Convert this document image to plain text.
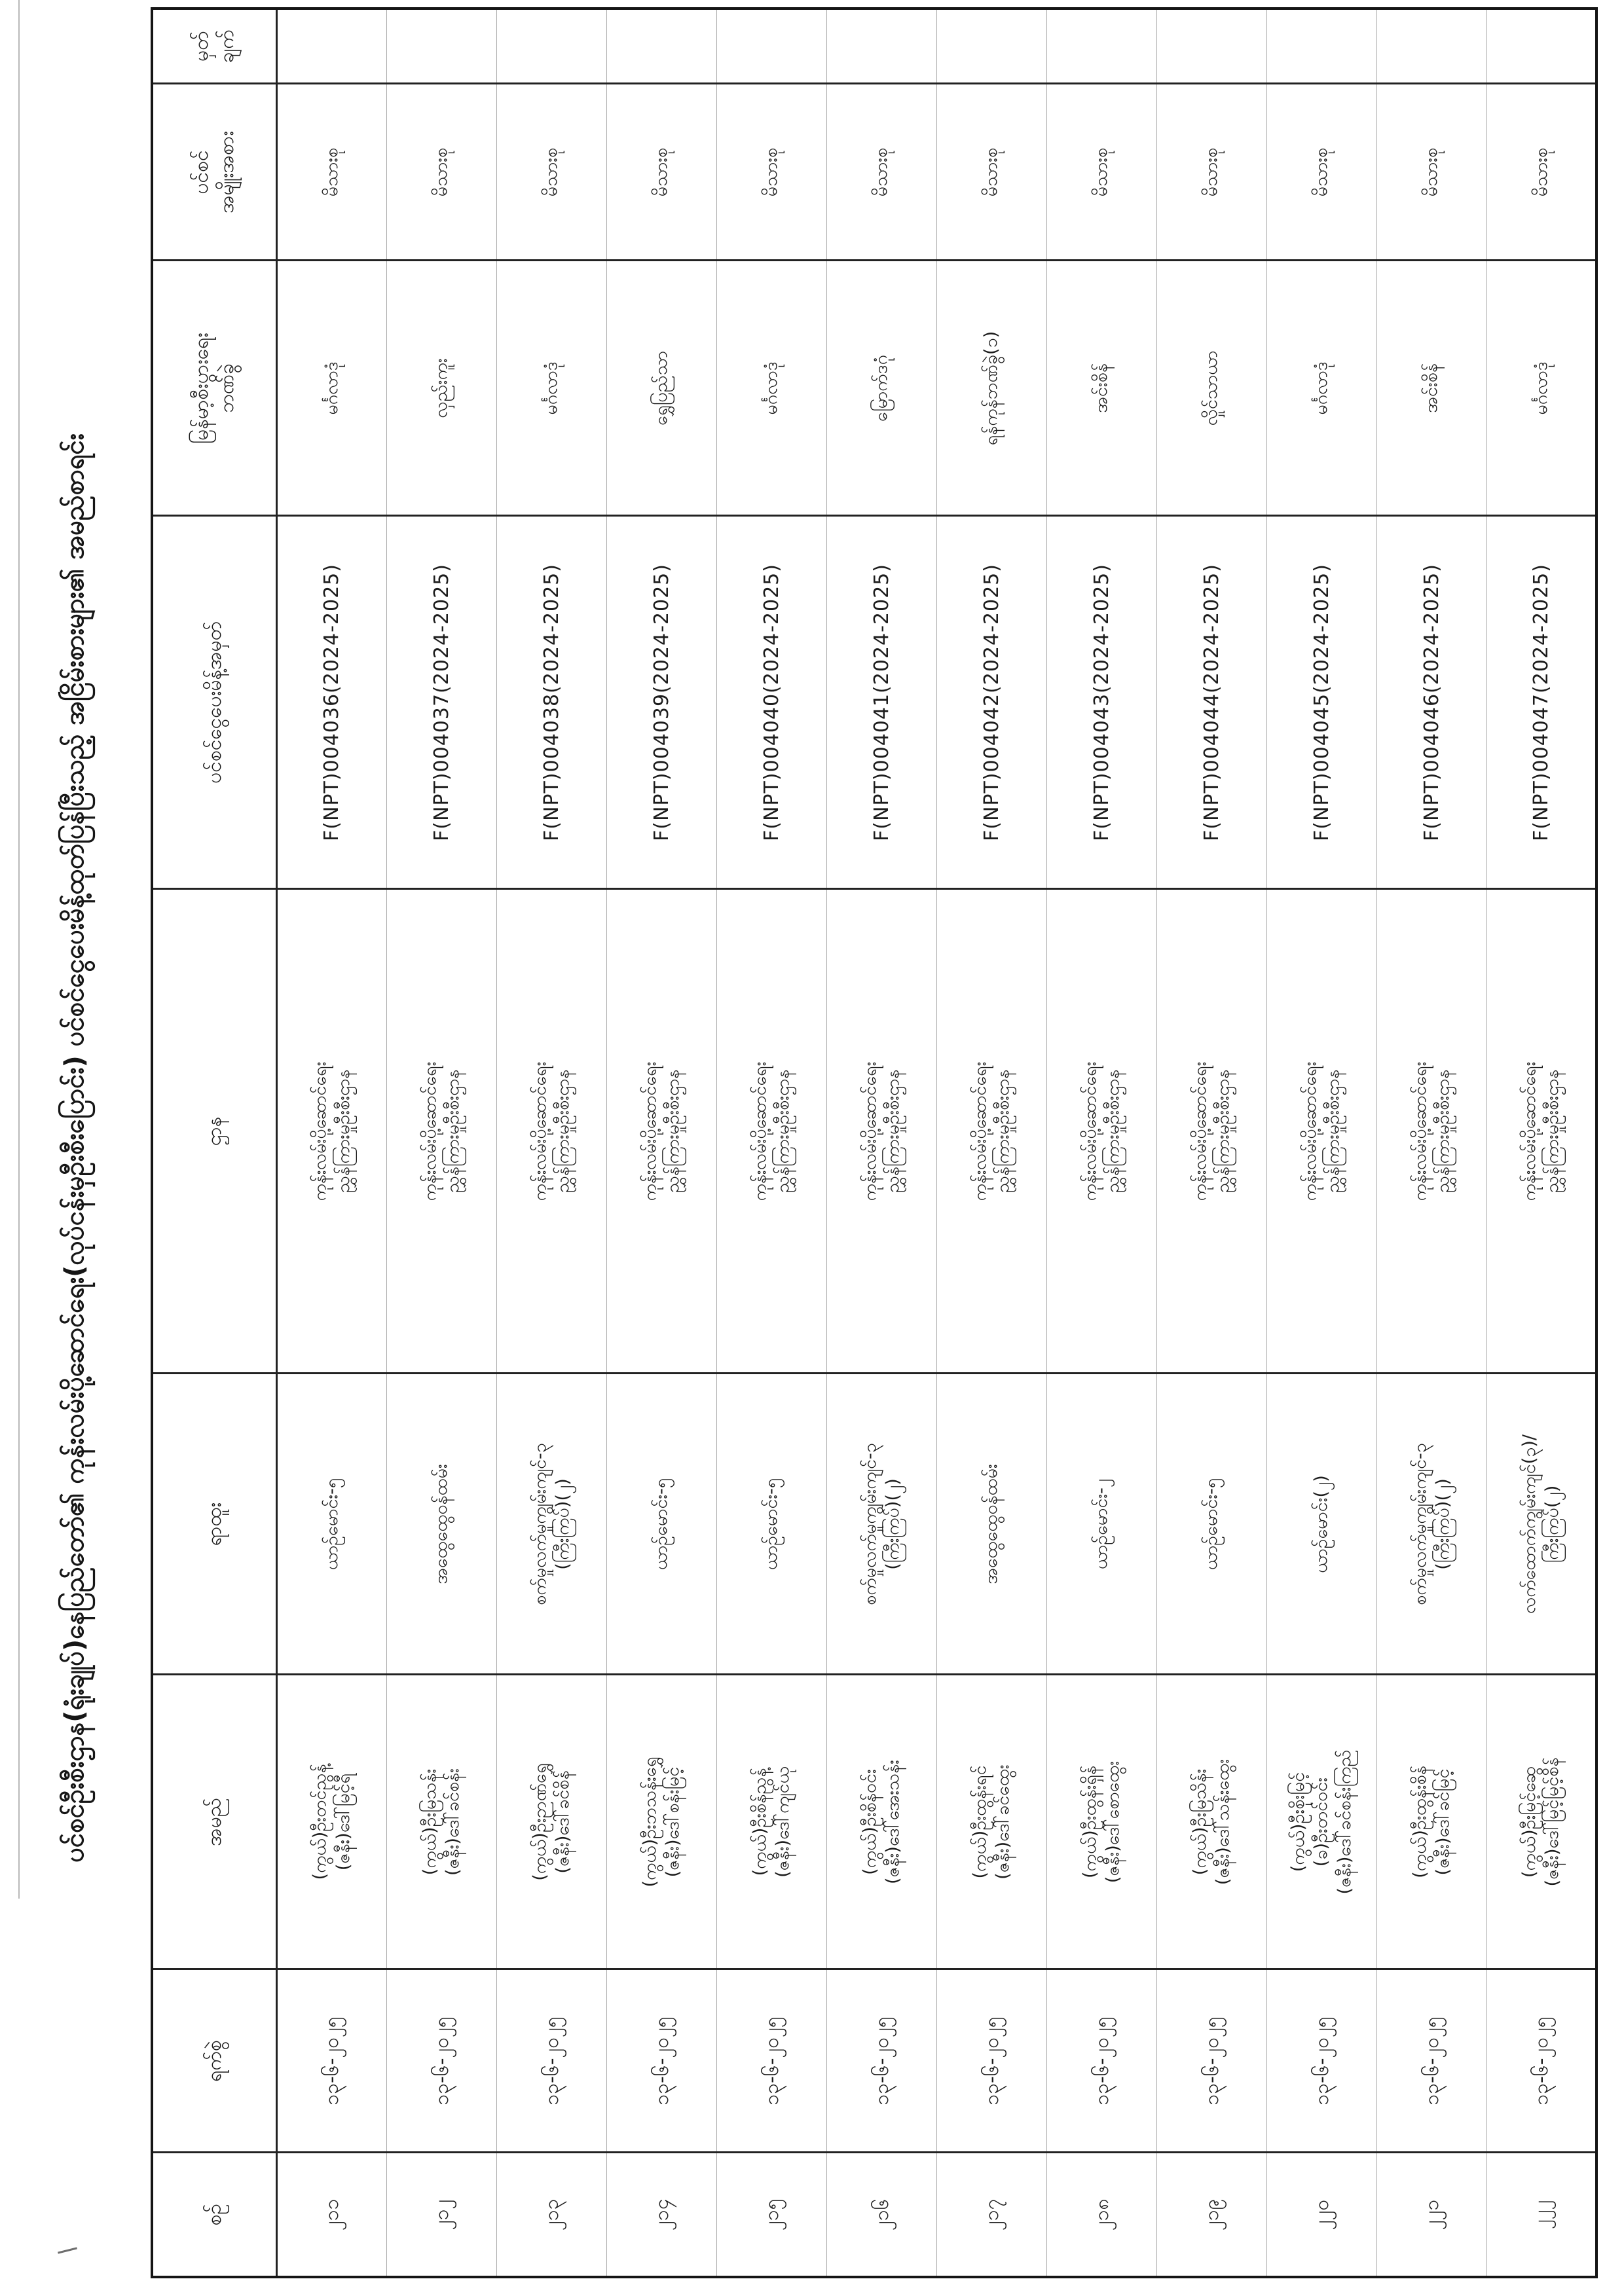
ပင်စင်ဦးစီးဌာန(ရုံးချုပ်)နေပြည်တော်၏ ကုန်းလမ်းပို့ဆောင်ရေး(လုပ်ငန်းမှဦးစီးပြောင်း) ပင်စင်ငွေပေးမိန့်ထုတ်ပြန်ပြီးသည့် အငြိမ်းစားများ၏ အမည်စာရင်း
စဉ်	ရက်စွဲ	အမည်	ရာထူး	ဌာန	ပင်စင်ငွေပေးမိန့်အမှတ်	မြန်မာ့စီးပွားရေး ဘဏ်ခွဲ	ပင်စင် အမျိုးအစား	မှတ် ချက်

၂၁၁	၁၃-၆-၂၀၂၅	(ကွယ်)ဦးတင်ညွန့် (ဇနီး)ဒေါ်မြင့်ရီ	ယာဉ်မောင်း-၅	ကုန်းလမ်းပို့ဆောင်ရေး ညွှန်ကြားမှုဦးစီးဌာန	F(NPT)004036(2024-2025)	မင်္ဂလာဒုံ	မိသားစု	
၂၁၂	၁၃-၆-၂၀၂၅	(ကွယ်)ဦးမြသန်း (ဇနီး)ဒေါ်ခင်စန်း	အထွေထွေဝန်ထမ်း	ကုန်းလမ်းပို့ဆောင်ရေး ညွှန်ကြားမှုဦးစီးဌာန	F(NPT)004037(2024-2025)	လှည်းကူး	မိသားစု	
၂၁၃	၁၃-၆-၂၀၂၅	(ကွယ်)ဦးဉာဏ်ရွှေ (ဇနီး)ဒေါ်ခင်စိန်	စက်မှုလက်မှုကျွမ်းကျင်-၃ (ကြီးကြပ်)(၂)	ကုန်းလမ်းပို့ဆောင်ရေး ညွှန်ကြားမှုဦးစီးဌာန	F(NPT)004038(2024-2025)	မင်္ဂလာဒုံ	မိသားစု	
၂၁၄	၁၃-၆-၂၀၂၅	(ကွယ်)ဦးဘသန်းရွှေ (ဇနီး)ဒေါ်စန်းမြင့်	ယာဉ်မောင်း-၅	ကုန်းလမ်းပို့ဆောင်ရေး ညွှန်ကြားမှုဦးစီးဌာန	F(NPT)004039(2024-2025)	ရွှေပြည်သာ	မိသားစု	
၂၁၅	၁၃-၆-၂၀၂၅	(ကွယ်)ဦးစိန်ညွန့် (ဇနီး)ဒေါ်ကျင်ယု	ယာဉ်မောင်း-၅	ကုန်းလမ်းပို့ဆောင်ရေး ညွှန်ကြားမှုဦးစီးဌာန	F(NPT)004040(2024-2025)	မင်္ဂလာဒုံ	မိသားစု	
၂၁၆	၁၃-၆-၂၀၂၅	(ကွယ်)ဦးစိန်ဝင်း (ဇနီး)ဒေါ်အေးသန်း	စက်မှုလက်မှုကျွမ်းကျင်-၃ (ကြီးကြပ်)(၂)	ကုန်းလမ်းပို့ဆောင်ရေး ညွှန်ကြားမှုဦးစီးဌာန	F(NPT)004041(2024-2025)	မြောက်ဒဂုံ	မိသားစု	
၂၁၇	၁၃-၆-၂၀၂၅	(ကွယ်)ဦးထွန်းရင် (ဇနီး)ဒေါ်ခင်ထွေး	အထွေထွေဝန်ထမ်း	ကုန်းလမ်းပို့ဆောင်ရေး ညွှန်ကြားမှုဦးစီးဌာန	F(NPT)004042(2024-2025)	ရန်ကုန်ဘဏ်ခွဲ(၁)	မိသားစု	
၂၁၈	၁၃-၆-၂၀၂၅	(ကွယ်)ဦးထွန်းရှိန် (ဇနီး)ဒေါ်စောထွေး	ယာဉ်မောင်း-၂	ကုန်းလမ်းပို့ဆောင်ရေး ညွှန်ကြားမှုဦးစီးဌာန	F(NPT)004043(2024-2025)	အင်းစိန်	မိသားစု	
၂၁၉	၁၃-၆-၂၀၂၅	(ကွယ်)ဦးမြသိန်း (ဇနီး)ဒေါ်သန်းထွေး	ယာဉ်မောင်း-၅	ကုန်းလမ်းပို့ဆောင်ရေး ညွှန်ကြားမှုဦးစီးဌာန	F(NPT)004044(2024-2025)	လှိုင်သာယာ	မိသားစု	
၂၂၀	၁၃-၆-၂၀၂၅	(ကွယ်)ဦးစိုးမြင့် (ခ)ဦးတင်ဝင်း (ဇနီး)ဒေါ်ခင်စန်းကြည်	ယာဉ်မောင်း(၂)	ကုန်းလမ်းပို့ဆောင်ရေး ညွှန်ကြားမှုဦးစီးဌာန	F(NPT)004045(2024-2025)	မင်္ဂလာဒုံ	မိသားစု	
၂၂၁	၁၃-၆-၂၀၂၅	(ကွယ်)ဦးထွန်းစိန် (ဇနီး)ဒေါ်ခင်မြင့်	စက်မှုလက်မှုကျွမ်းကျင်-၃ (ကြီးကြပ်)(၂)	ကုန်းလမ်းပို့ဆောင်ရေး ညွှန်ကြားမှုဦးစီးဌာန	F(NPT)004046(2024-2025)	အင်းစိန်	မိသားစု	
၂၂၂	၁၃-၆-၂၀၂၅	(ကွယ်)ဦးမြင့်ဆွေ (ဇနီး)ဒေါ်မြင့်မြင့်စိန်	လက်ထောက်ကျွမ်းကျင်(၃)/ ကြီးကြပ်(၂)	ကုန်းလမ်းပို့ဆောင်ရေး ညွှန်ကြားမှုဦးစီးဌာန	F(NPT)004047(2024-2025)	မင်္ဂလာဒုံ	မိသားစု	
